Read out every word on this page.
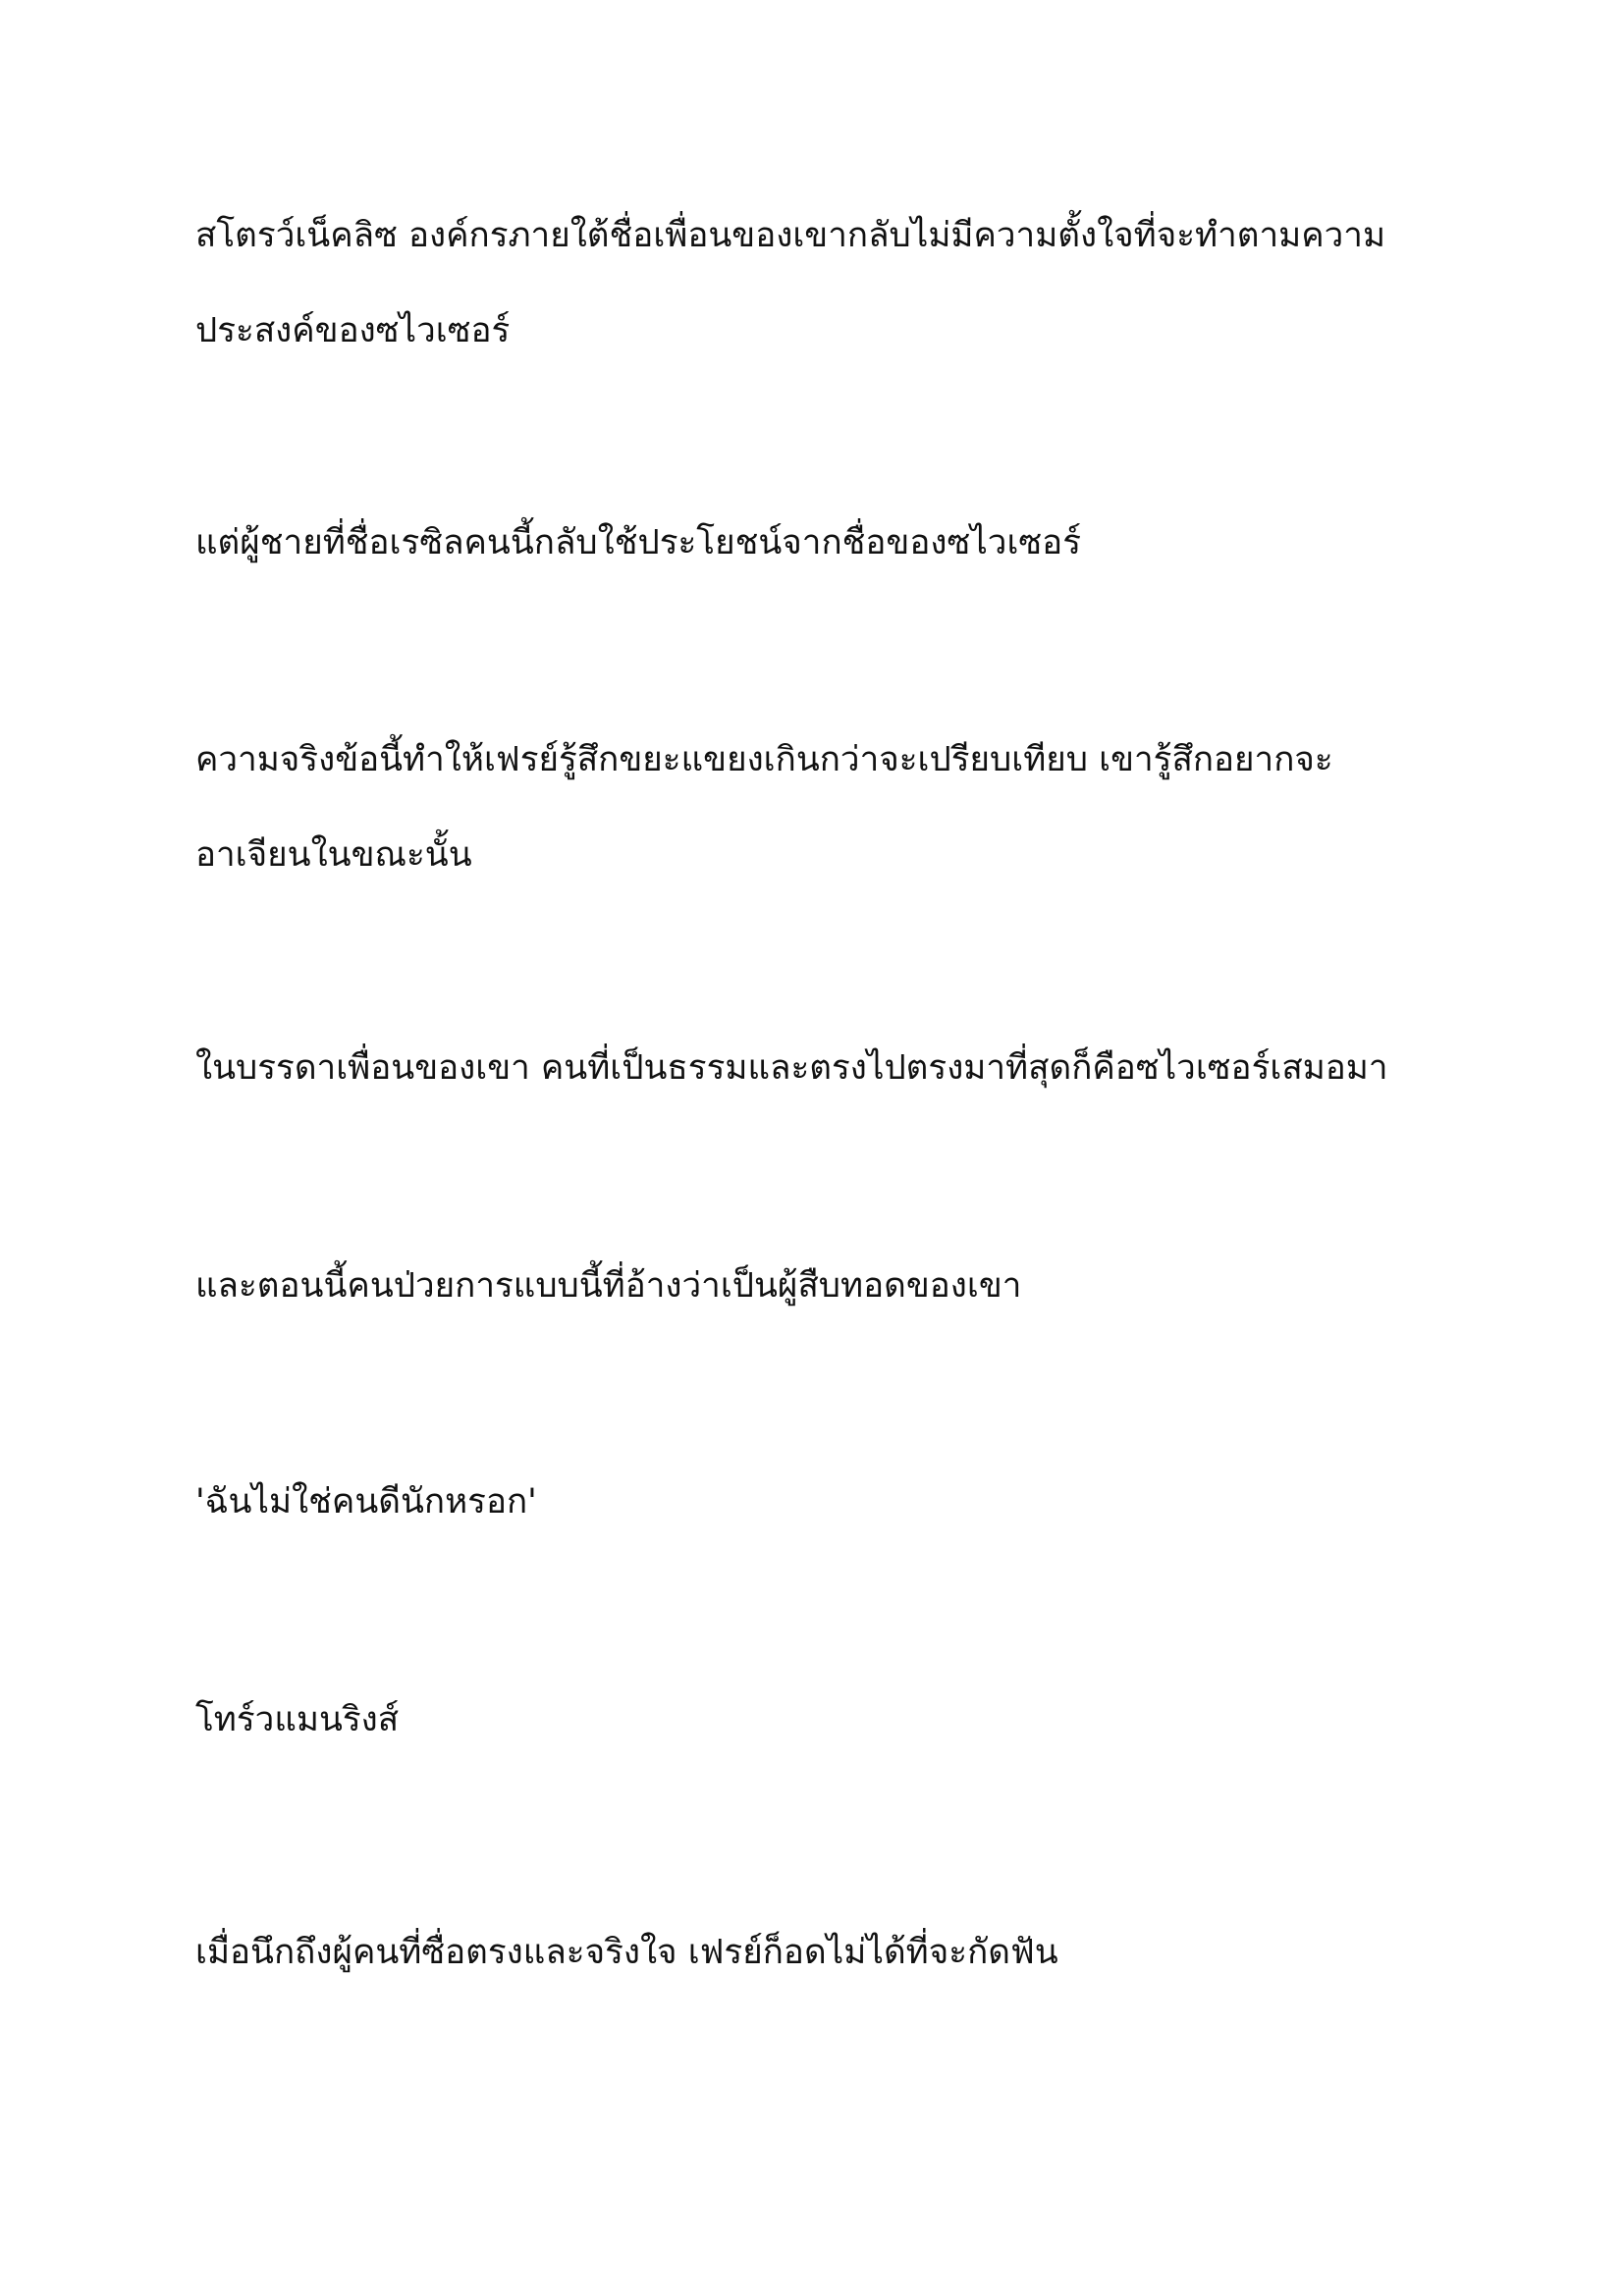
สโตรว์เน็คลิซ องค์กรภายใต้ชื่อเพื่อนของเขากลับไม่มีความตั้งใจที่จะทำตามความ
ประสงค์ของซไวเซอร์

แต่ผู้ชายที่ชื่อเรซิลคนนี้กลับใช้ประโยชน์จากชื่อของซไวเซอร์

ความจริงข้อนี้ทำให้เฟรย์รู้สึกขยะแขยงเกินกว่าจะเปรียบเทียบ เขารู้สึกอยากจะ
อาเจียนในขณะนั้น

ในบรรดาเพื่อนของเขา คนที่เป็นธรรมและตรงไปตรงมาที่สุดก็คือซไวเซอร์เสมอมา

และตอนนี้คนป่วยการแบบนี้ที่อ้างว่าเป็นผู้สืบทอดของเขา

'ฉันไม่ใช่คนดีนักหรอก'

โทร์วแมนริงส์

เมื่อนึกถึงผู้คนที่ซื่อตรงและจริงใจ เฟรย์ก็อดไม่ได้ที่จะกัดฟัน
